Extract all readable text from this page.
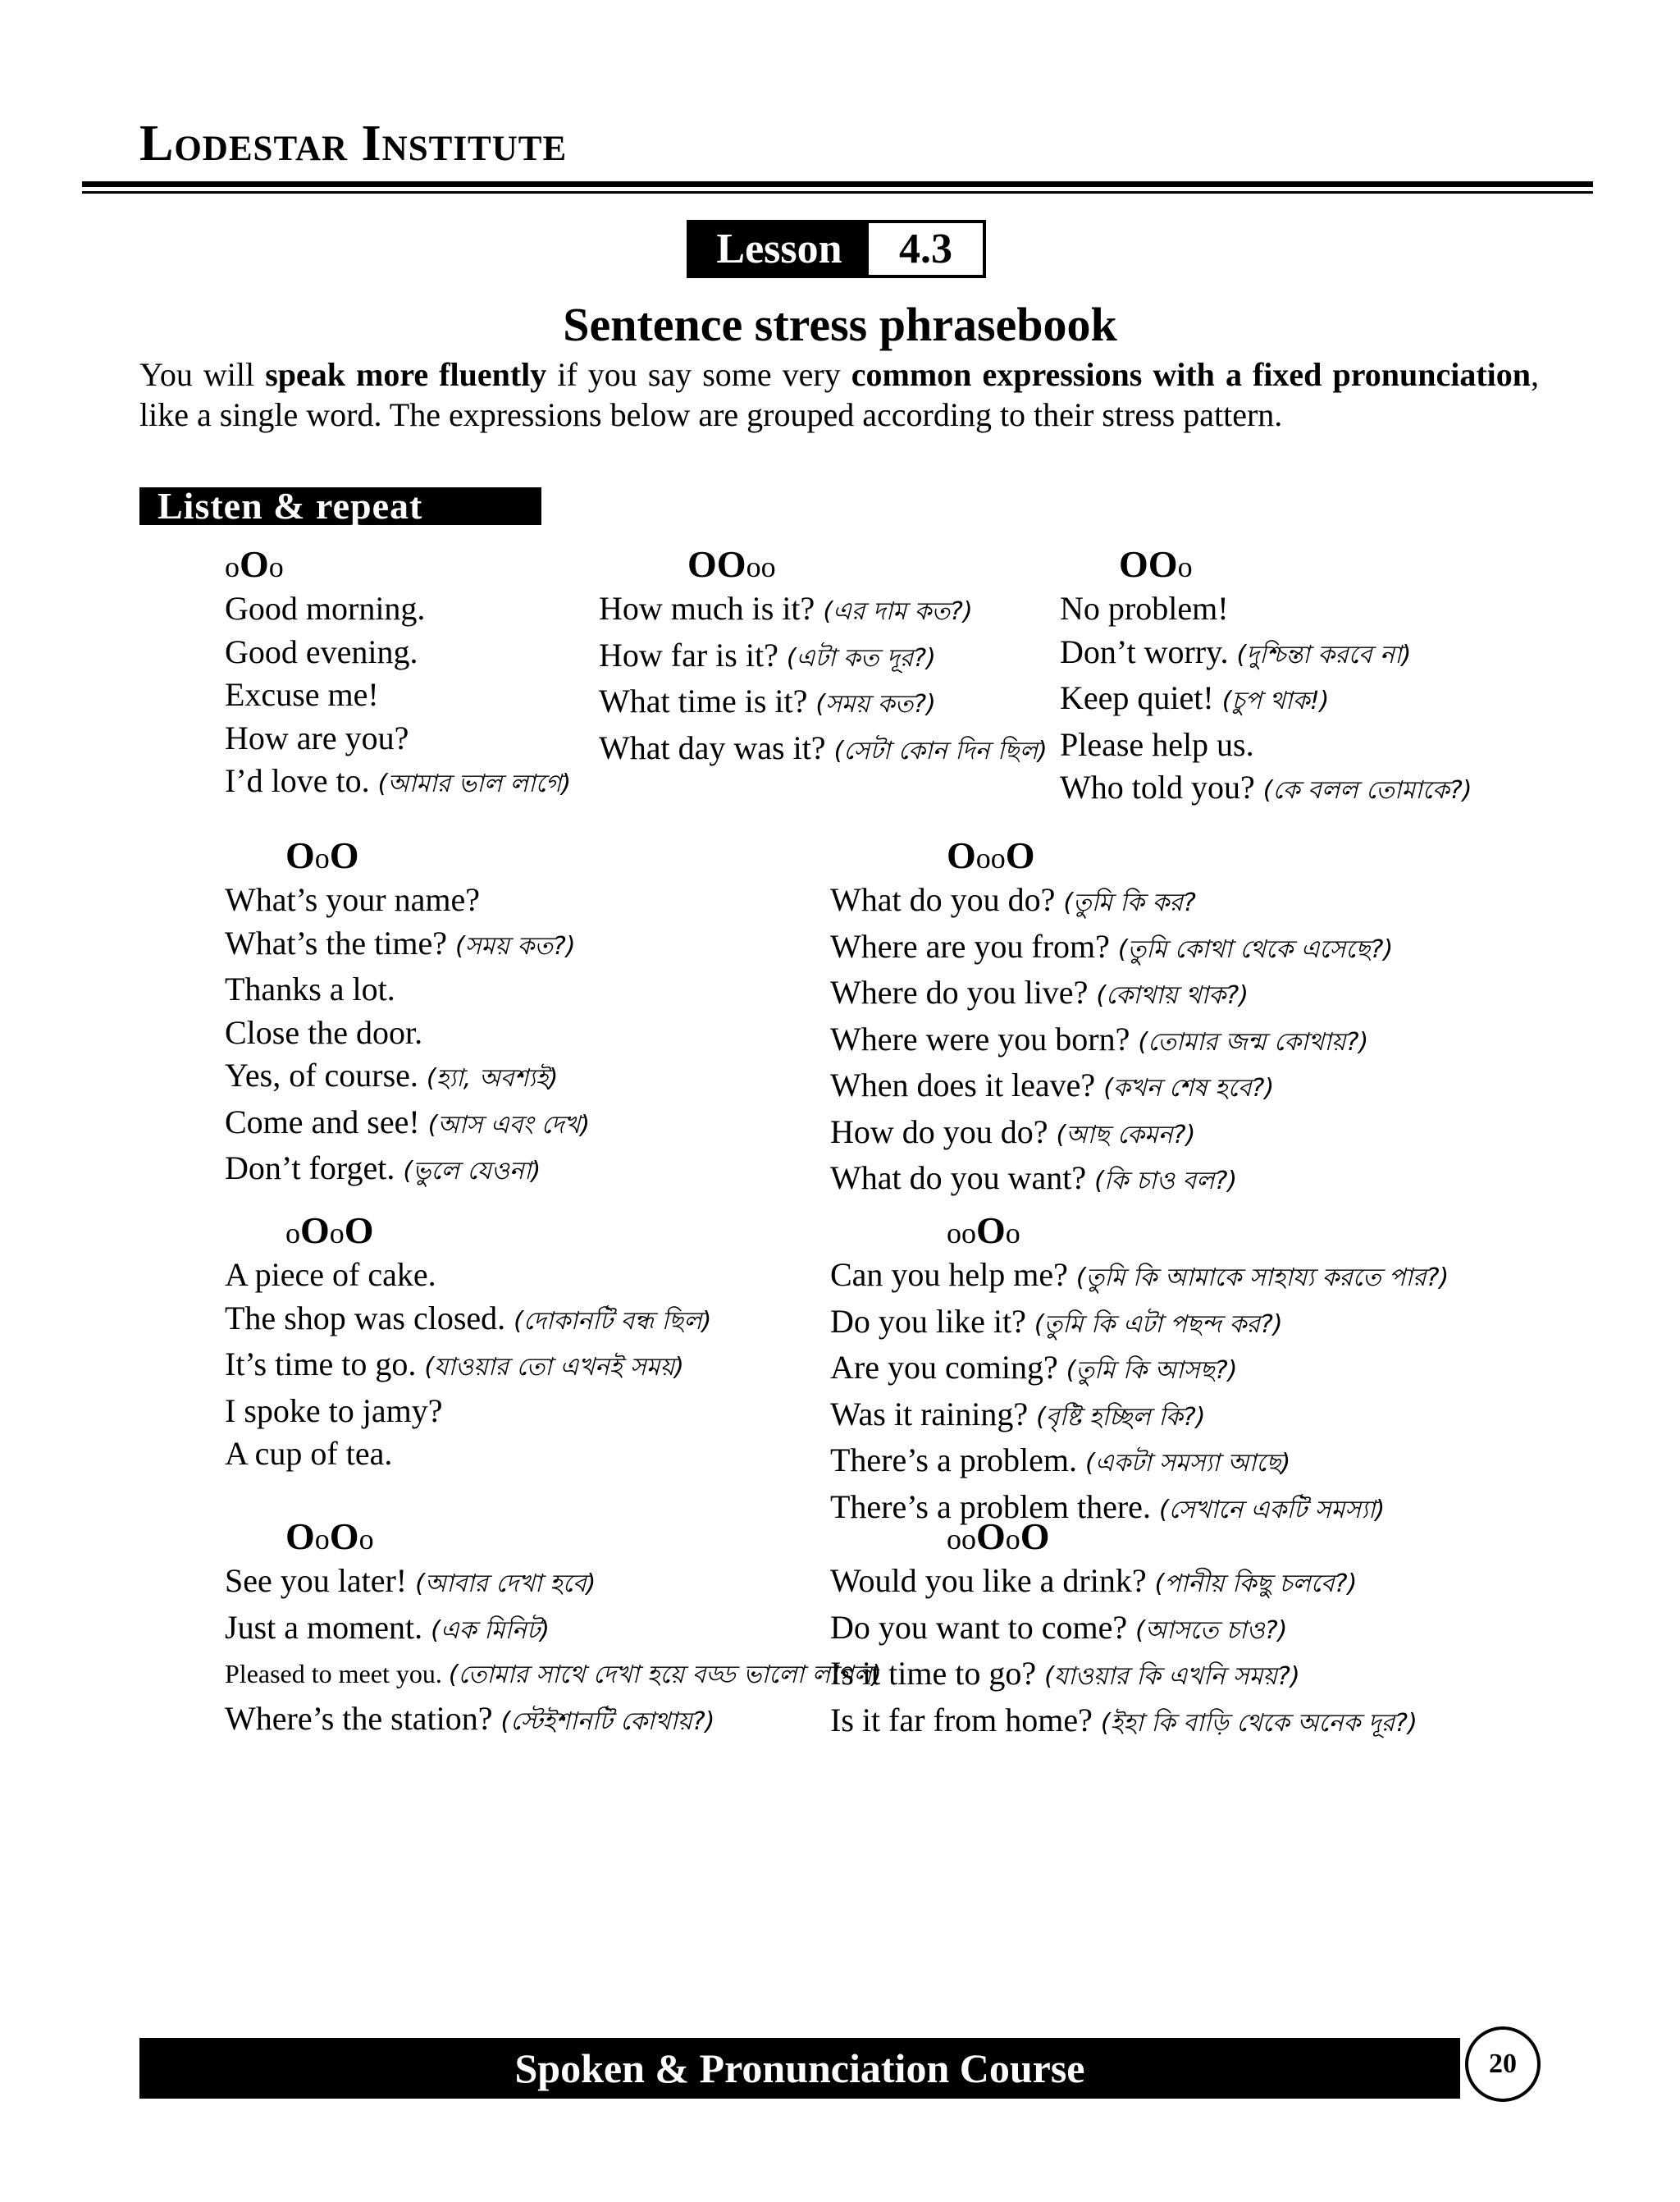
Lodestar Institute
Lesson	4.3
Sentence stress phrasebook
You will speak more fluently if you say some very common expressions with a fixed pronunciation, like a single word. The expressions below are grouped according to their stress pattern.
Listen & repeat
oOo
Good morning.
Good evening.
Excuse me!
How are you?
I’d love to. (আমার ভাল লাগে)
OOoo
How much is it? (এর দাম কত?)
How far is it? (এটা কত দূর?)
What time is it? (সময় কত?)
What day was it? (সেটা কোন দিন ছিল)
OOo
No problem!
Don’t worry. (দুশ্চিন্তা করবে না)
Keep quiet! (চুপ থাক!)
Please help us.
Who told you? (কে বলল তোমাকে?)
OoO
What’s your name?
What’s the time? (সময় কত?)
Thanks a lot.
Close the door.
Yes, of course. (হ্যা, অবশ্যই)
Come and see! (আস এবং দেখ)
Don’t forget. (ভুলে যেওনা)
OooO
What do you do? (তুমি কি কর?
Where are you from? (তুমি কোথা থেকে এসেছে?)
Where do you live? (কোথায় থাক?)
Where were you born? (তোমার জন্ম কোথায়?)
When does it leave? (কখন শেষ হবে?)
How do you do? (আছ কেমন?)
What do you want? (কি চাও বল?)
oOoO
A piece of cake.
The shop was closed. (দোকানটি বন্ধ ছিল)
It’s time to go. (যাওয়ার তো এখনই সময়)
I spoke to jamy?
A cup of tea.
ooOo
Can you help me? (তুমি কি আমাকে সাহায্য করতে পার?)
Do you like it? (তুমি কি এটা পছন্দ কর?)
Are you coming? (তুমি কি আসছ?)
Was it raining? (বৃষ্টি হচ্ছিল কি?)
There’s a problem. (একটা সমস্যা আছে)
There’s a problem there. (সেখানে একটি সমস্যা)
OoOo
See you later! (আবার দেখা হবে)
Just a moment. (এক মিনিট)
Pleased to meet you. (তোমার সাথে দেখা হয়ে বড্ড ভালো লাগল)
Where’s the station? (স্টেইশানটি কোথায়?)
ooOoO
Would you like a drink? (পানীয় কিছু চলবে?)
Do you want to come? (আসতে চাও?)
Is it time to go? (যাওয়ার কি এখনি সময়?)
Is it far from home? (ইহা কি বাড়ি থেকে অনেক দূর?)
Spoken & Pronunciation Course	20
